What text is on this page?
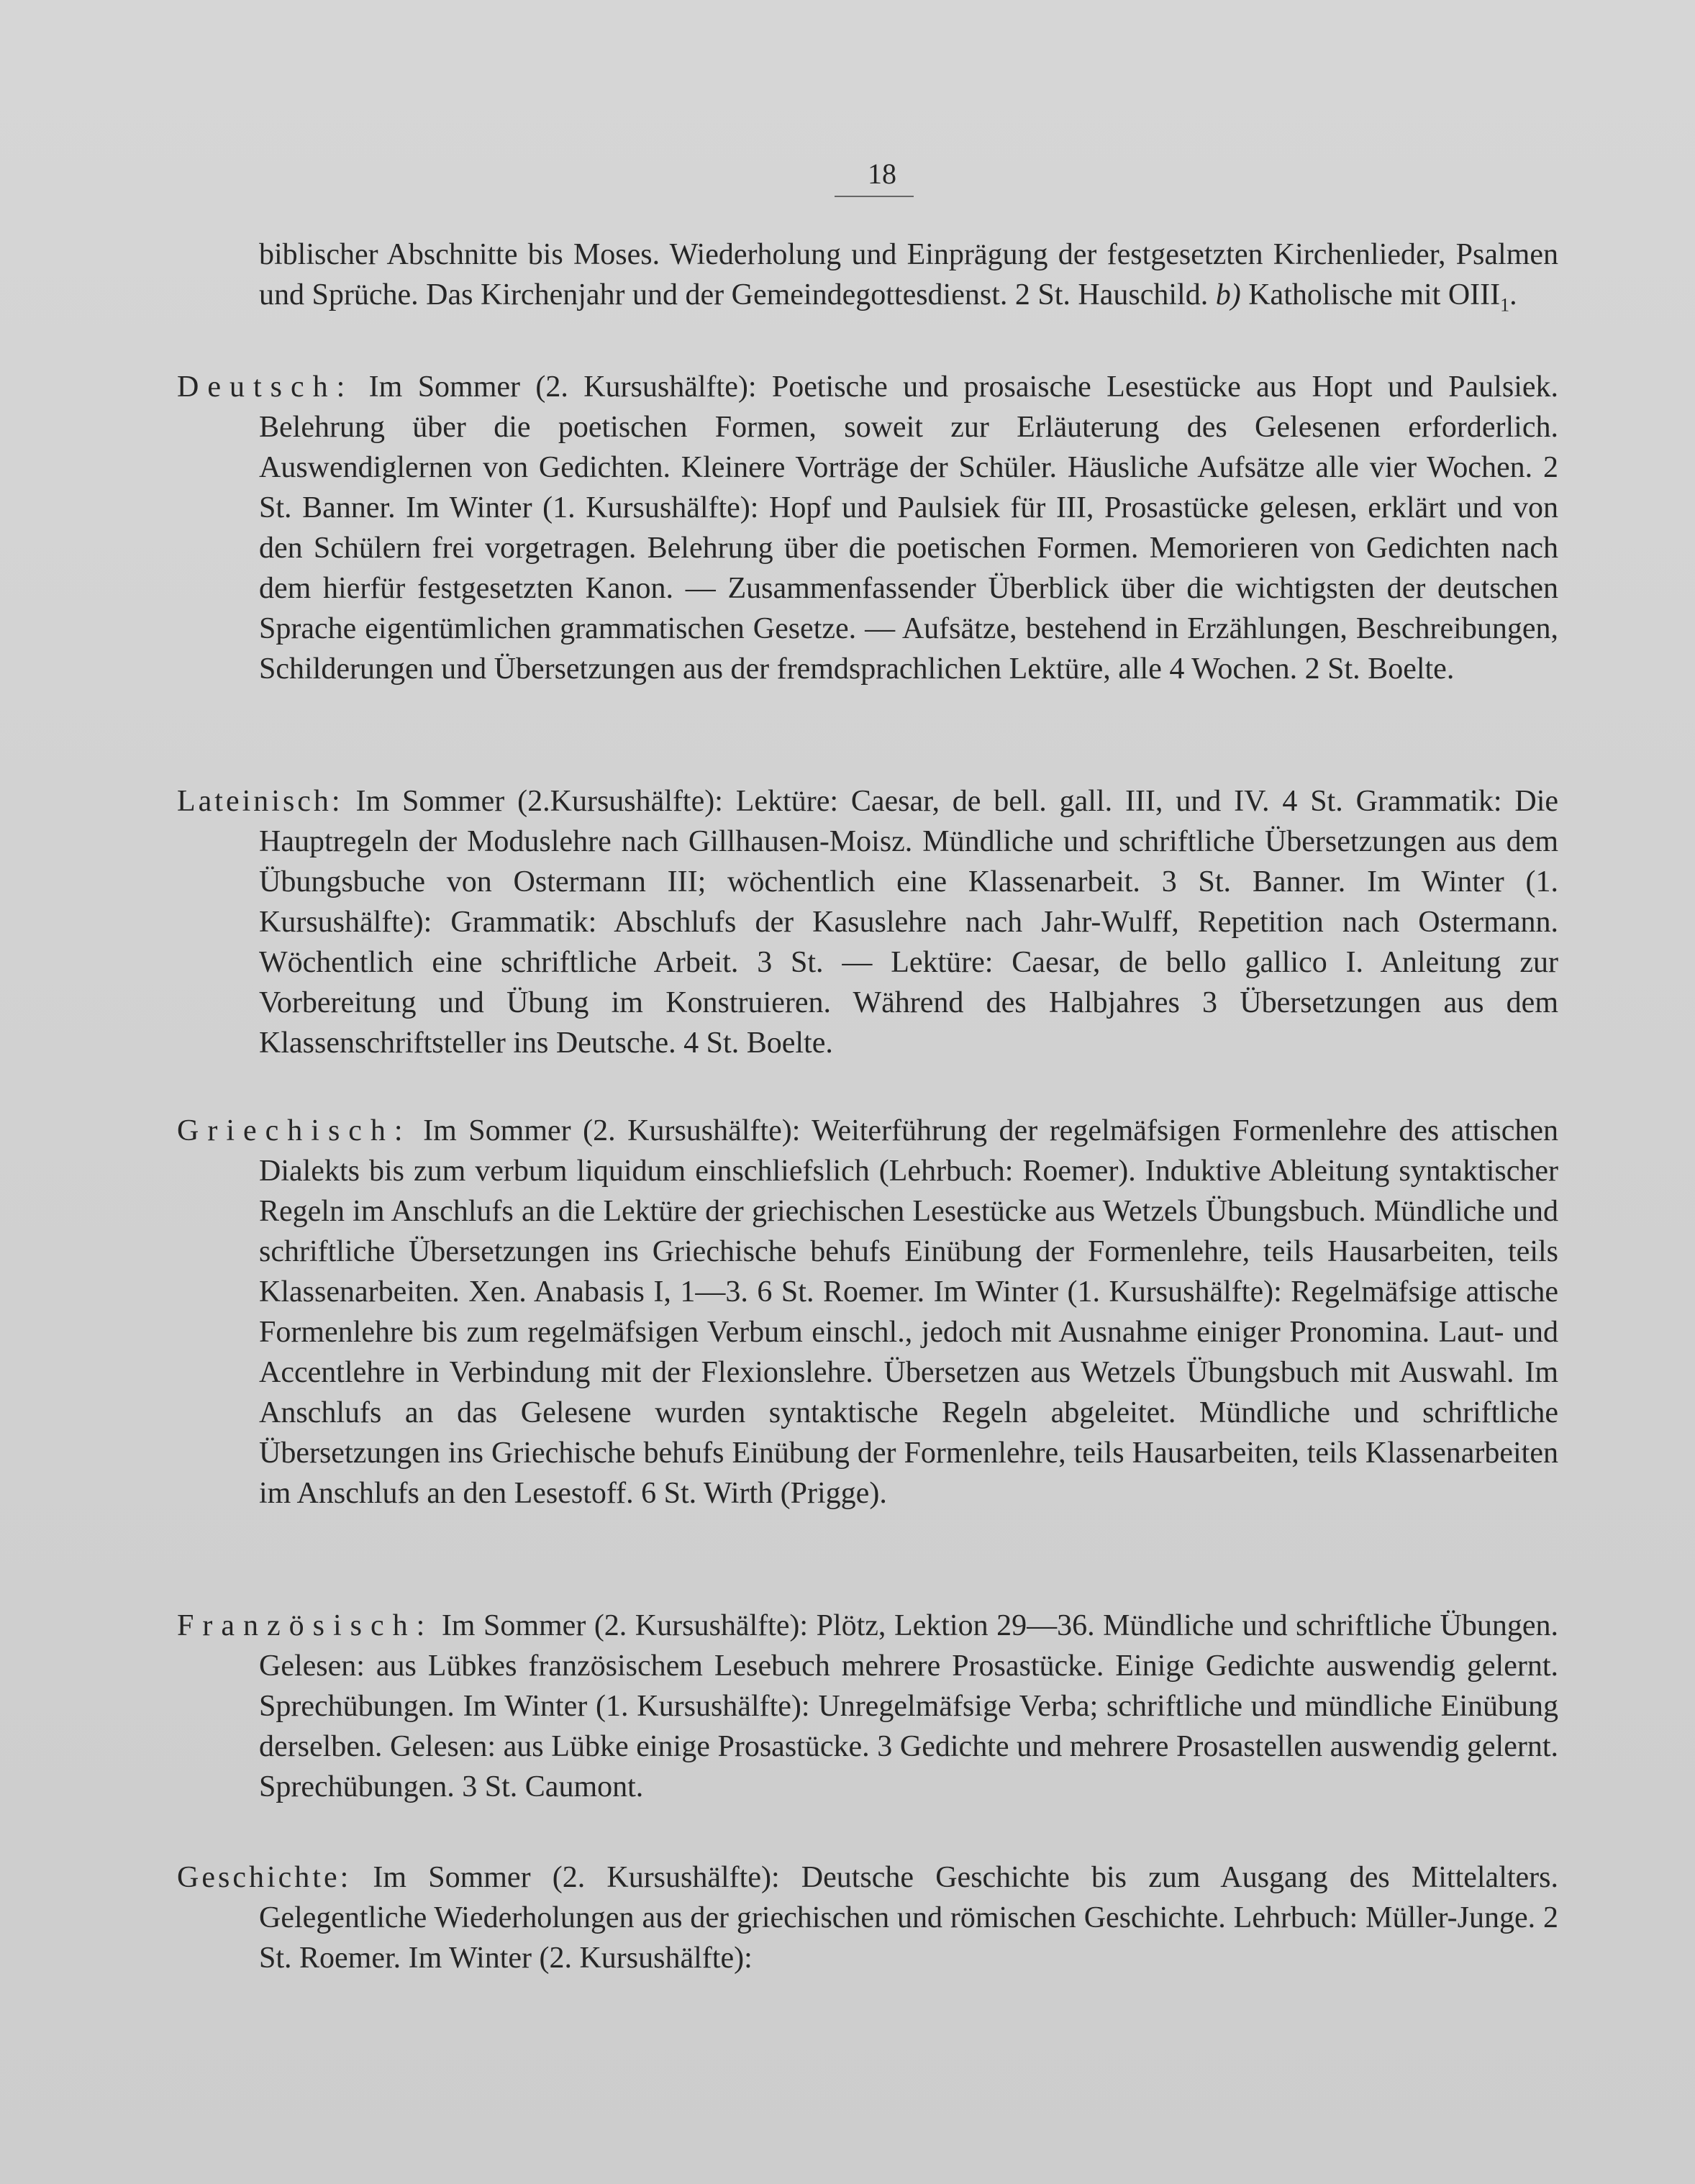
18
biblischer Abschnitte bis Moses. Wiederholung und Einprägung der festgesetzten Kirchenlieder, Psalmen und Sprüche. Das Kirchenjahr und der Gemeindegottesdienst. 2 St. Hauschild. b) Katholische mit $OIII_1$.
Deutsch: Im Sommer (2. Kursushälfte): Poetische und prosaische Lesestücke aus Hopt und Paulsiek. Belehrung über die poetischen Formen, soweit zur Erläuterung des Gelesenen erforderlich. Auswendiglernen von Gedichten. Kleinere Vorträge der Schüler. Häusliche Aufsätze alle vier Wochen. 2 St. Banner. Im Winter (1. Kursushälfte): Hopf und Paulsiek für III, Prosastücke gelesen, erklärt und von den Schülern frei vorgetragen. Belehrung über die poetischen Formen. Memorieren von Gedichten nach dem hierfür festgesetzten Kanon. — Zusammenfassender Überblick über die wichtigsten der deutschen Sprache eigentümlichen grammatischen Gesetze. — Aufsätze, bestehend in Erzählungen, Beschreibungen, Schilderungen und Übersetzungen aus der fremdsprachlichen Lektüre, alle 4 Wochen. 2 St. Boelte.
Lateinisch: Im Sommer (2.Kursushälfte): Lektüre: Caesar, de bell. gall. III, und IV. 4 St. Grammatik: Die Hauptregeln der Moduslehre nach Gillhausen-Moisz. Mündliche und schriftliche Übersetzungen aus dem Übungsbuche von Ostermann III; wöchentlich eine Klassenarbeit. 3 St. Banner. Im Winter (1. Kursushälfte): Grammatik: Abschlufs der Kasuslehre nach Jahr-Wulff, Repetition nach Ostermann. Wöchentlich eine schriftliche Arbeit. 3 St. — Lektüre: Caesar, de bello gallico I. Anleitung zur Vorbereitung und Übung im Konstruieren. Während des Halbjahres 3 Übersetzungen aus dem Klassenschriftsteller ins Deutsche. 4 St. Boelte.
Griechisch: Im Sommer (2. Kursushälfte): Weiterführung der regelmäfsigen Formenlehre des attischen Dialekts bis zum verbum liquidum einschliefslich (Lehrbuch: Roemer). Induktive Ableitung syntaktischer Regeln im Anschlufs an die Lektüre der griechischen Lesestücke aus Wetzels Übungsbuch. Mündliche und schriftliche Übersetzungen ins Griechische behufs Einübung der Formenlehre, teils Hausarbeiten, teils Klassenarbeiten. Xen. Anabasis I, 1—3. 6 St. Roemer. Im Winter (1. Kursushälfte): Regelmäfsige attische Formenlehre bis zum regelmäfsigen Verbum einschl., jedoch mit Ausnahme einiger Pronomina. Laut- und Accentlehre in Verbindung mit der Flexionslehre. Übersetzen aus Wetzels Übungsbuch mit Auswahl. Im Anschlufs an das Gelesene wurden syntaktische Regeln abgeleitet. Mündliche und schriftliche Übersetzungen ins Griechische behufs Einübung der Formenlehre, teils Hausarbeiten, teils Klassenarbeiten im Anschlufs an den Lesestoff. 6 St. Wirth (Prigge).
Französisch: Im Sommer (2. Kursushälfte): Plötz, Lektion 29—36. Mündliche und schriftliche Übungen. Gelesen: aus Lübkes französischem Lesebuch mehrere Prosastücke. Einige Gedichte auswendig gelernt. Sprechübungen. Im Winter (1. Kursushälfte): Unregelmäfsige Verba; schriftliche und mündliche Einübung derselben. Gelesen: aus Lübke einige Prosastücke. 3 Gedichte und mehrere Prosastellen auswendig gelernt. Sprechübungen. 3 St. Caumont.
Geschichte: Im Sommer (2. Kursushälfte): Deutsche Geschichte bis zum Ausgang des Mittelalters. Gelegentliche Wiederholungen aus der griechischen und römischen Geschichte. Lehrbuch: Müller-Junge. 2 St. Roemer. Im Winter (2. Kursushälfte):
